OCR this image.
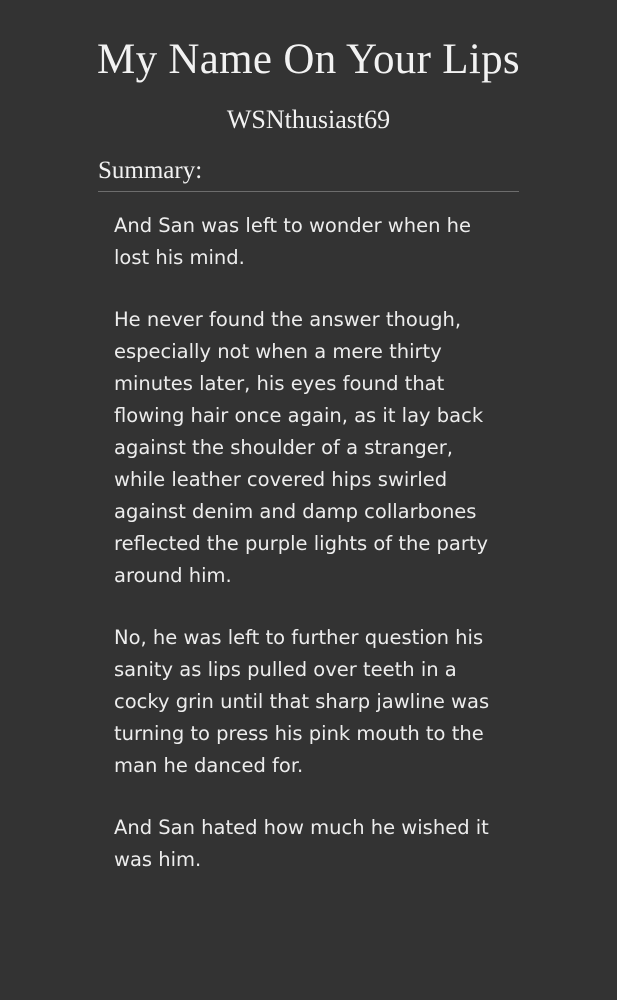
My Name On Your Lips
WSNthusiast69
Summary:

And San was left to wonder when he lost his mind.

He never found the answer though, especially not when a mere thirty minutes later, his eyes found that flowing hair once again, as it lay back against the shoulder of a stranger, while leather covered hips swirled against denim and damp collarbones reflected the purple lights of the party around him.

No, he was left to further question his sanity as lips pulled over teeth in a cocky grin until that sharp jawline was turning to press his pink mouth to the man he danced for.

And San hated how much he wished it was him.
